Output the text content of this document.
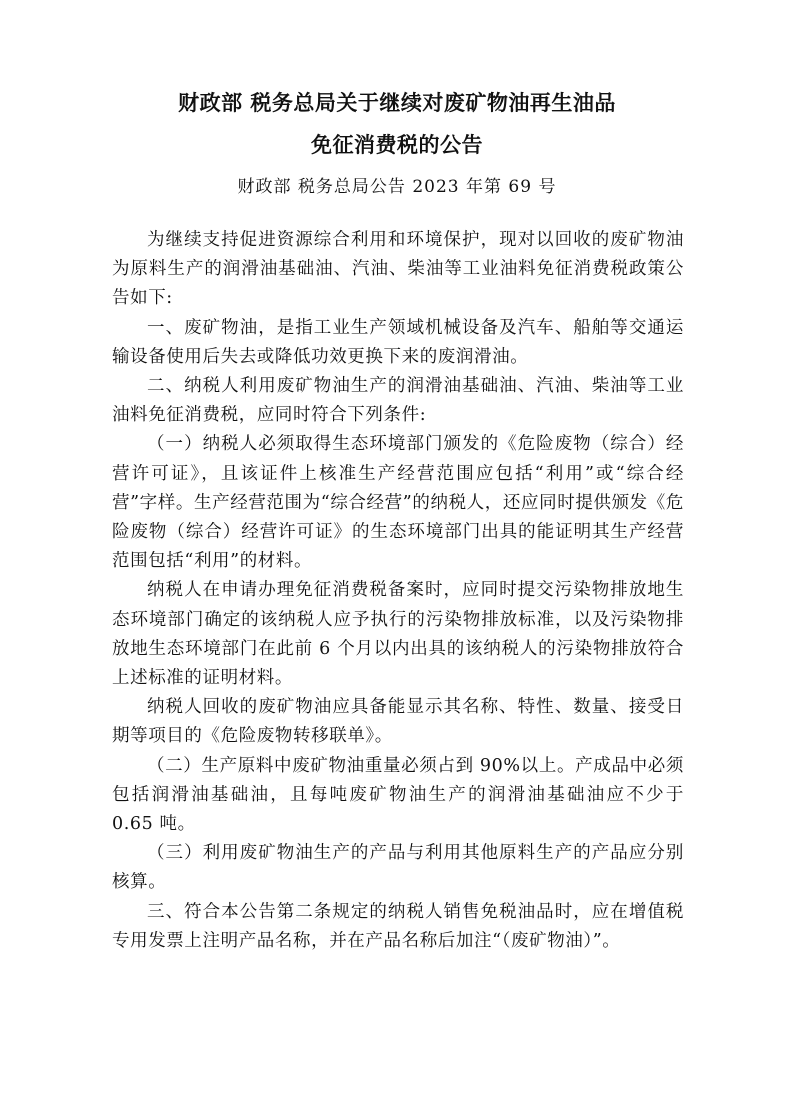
财政部 税务总局关于继续对废矿物油再生油品
免征消费税的公告
财政部 税务总局公告 2023 年第 69 号

为继续支持促进资源综合利用和环境保护，现对以回收的废矿物油为原料生产的润滑油基础油、汽油、柴油等工业油料免征消费税政策公告如下:

一、废矿物油，是指工业生产领域机械设备及汽车、船舶等交通运输设备使用后失去或降低功效更换下来的废润滑油。

二、纳税人利用废矿物油生产的润滑油基础油、汽油、柴油等工业油料免征消费税，应同时符合下列条件:

（一）纳税人必须取得生态环境部门颁发的《危险废物（综合）经营许可证》，且该证件上核准生产经营范围应包括“利用”或“综合经营”字样。生产经营范围为“综合经营”的纳税人，还应同时提供颁发《危险废物（综合）经营许可证》的生态环境部门出具的能证明其生产经营范围包括“利用”的材料。

纳税人在申请办理免征消费税备案时，应同时提交污染物排放地生态环境部门确定的该纳税人应予执行的污染物排放标准，以及污染物排放地生态环境部门在此前 6 个月以内出具的该纳税人的污染物排放符合上述标准的证明材料。

纳税人回收的废矿物油应具备能显示其名称、特性、数量、接受日期等项目的《危险废物转移联单》。

（二）生产原料中废矿物油重量必须占到 90%以上。产成品中必须包括润滑油基础油，且每吨废矿物油生产的润滑油基础油应不少于 0.65 吨。

（三）利用废矿物油生产的产品与利用其他原料生产的产品应分别核算。

三、符合本公告第二条规定的纳税人销售免税油品时，应在增值税专用发票上注明产品名称，并在产品名称后加注“（废矿物油）”。
